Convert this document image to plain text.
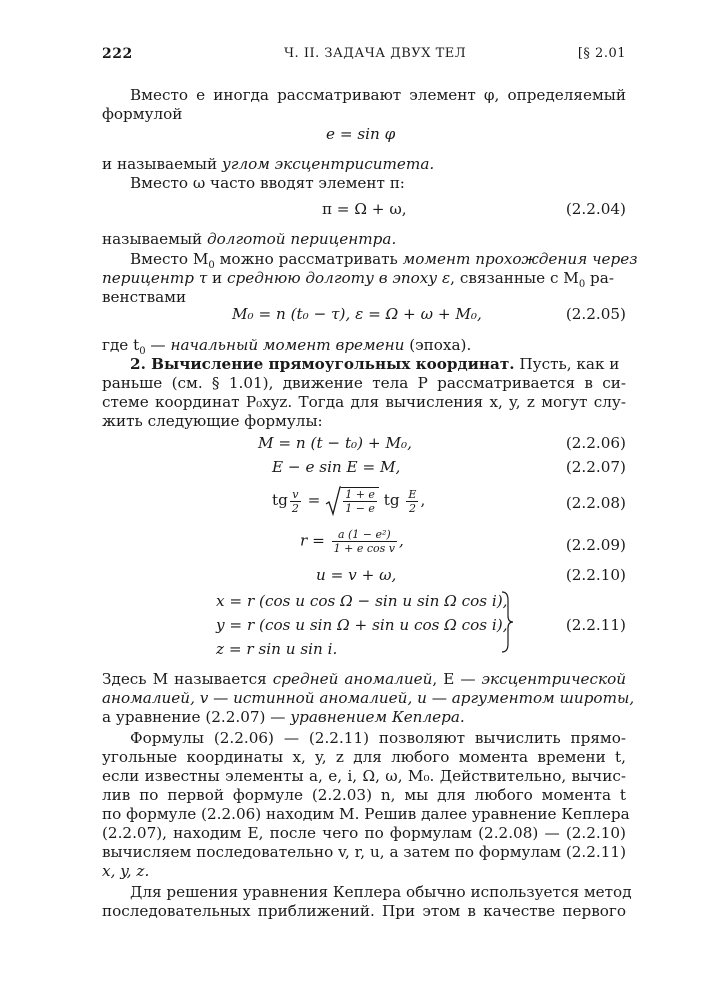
222	Ч. II. ЗАДАЧА ДВУХ ТЕЛ	[§ 2.01
Вместо e иногда рассматривают элемент φ, определяемый
формулой
e = sin φ
и называемый углом эксцентриситета.
Вместо ω часто вводят элемент π:
π = Ω + ω,	(2.2.04)
называемый долготой перицентра.
Вместо $M_0$ можно рассматривать момент прохождения через
перицентр τ и среднюю долготу в эпоху ε, связанные с $M_0$ ра-
венствами
M₀ = n (t₀ − τ), ε = Ω + ω + M₀,	(2.2.05)
где $t_0$ — начальный момент времени (эпоха).
2. Вычисление прямоугольных координат. Пусть, как и
раньше (см. § 1.01), движение тела P рассматривается в си-
стеме координат P₀xyz. Тогда для вычисления x, y, z могут слу-
жить следующие формулы:
M = n (t − t₀) + M₀,	(2.2.06)
E − e sin E = M,	(2.2.07)
tg $\frac{v}{2} = \frac{1 + e}{1 - e}$ tg $\frac{E}{2}$ ,	(2.2.08)
$r = \frac{\text{a (1 − e²)}}{\text{1 + e cos v}}$ ,	(2.2.09)
u = v + ω,	(2.2.10)
x = r (cos u cos Ω − sin u sin Ω cos i),
y = r (cos u sin Ω + sin u cos Ω cos i),
z = r sin u sin i.
(2.2.11)
Здесь M называется средней аномалией, E — эксцентрической
аномалией, v — истинной аномалией, u — аргументом широты,
а уравнение (2.2.07) — уравнением Кеплера.
Формулы (2.2.06) — (2.2.11) позволяют вычислить прямо-
угольные координаты x, y, z для любого момента времени t,
если известны элементы a, e, i, Ω, ω, M₀. Действительно, вычис-
лив по первой формуле (2.2.03) n, мы для любого момента t
по формуле (2.2.06) находим M. Решив далее уравнение Кеплера
(2.2.07), находим E, после чего по формулам (2.2.08) — (2.2.10)
вычисляем последовательно v, r, u, а затем по формулам (2.2.11)
x, y, z.
Для решения уравнения Кеплера обычно используется метод
последовательных приближений. При этом в качестве первого
